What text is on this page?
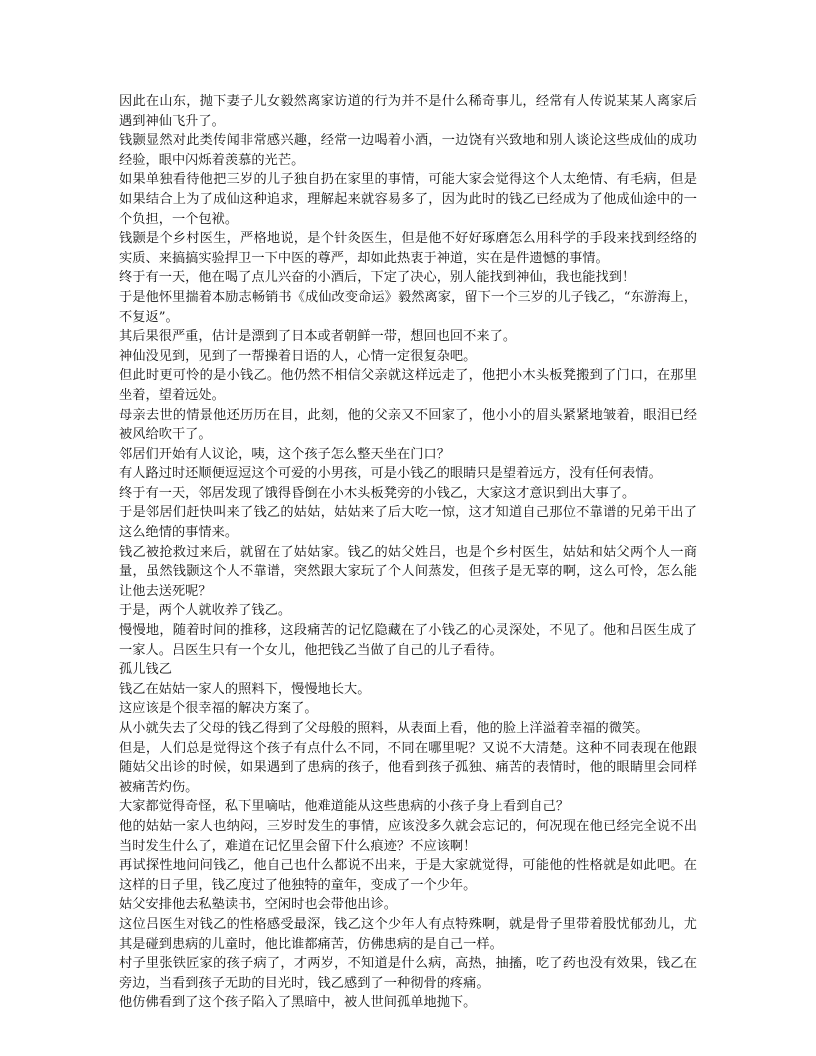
因此在山东，抛下妻子儿女毅然离家访道的行为并不是什么稀奇事儿，经常有人传说某某人离家后遇到神仙飞升了。

钱颢显然对此类传闻非常感兴趣，经常一边喝着小酒，一边饶有兴致地和别人谈论这些成仙的成功经验，眼中闪烁着羡慕的光芒。

如果单独看待他把三岁的儿子独自扔在家里的事情，可能大家会觉得这个人太绝情、有毛病，但是如果结合上为了成仙这种追求，理解起来就容易多了，因为此时的钱乙已经成为了他成仙途中的一个负担，一个包袱。

钱颢是个乡村医生，严格地说，是个针灸医生，但是他不好好琢磨怎么用科学的手段来找到经络的实质、来搞搞实验捍卫一下中医的尊严，却如此热衷于神道，实在是件遗憾的事情。

终于有一天，他在喝了点儿兴奋的小酒后，下定了决心，别人能找到神仙，我也能找到！

于是他怀里揣着本励志畅销书《成仙改变命运》毅然离家，留下一个三岁的儿子钱乙，“东游海上，不复返”。

其后果很严重，估计是漂到了日本或者朝鲜一带，想回也回不来了。

神仙没见到，见到了一帮操着日语的人，心情一定很复杂吧。

但此时更可怜的是小钱乙。他仍然不相信父亲就这样远走了，他把小木头板凳搬到了门口，在那里坐着，望着远处。

母亲去世的情景他还历历在目，此刻，他的父亲又不回家了，他小小的眉头紧紧地皱着，眼泪已经被风给吹干了。

邻居们开始有人议论，咦，这个孩子怎么整天坐在门口？

有人路过时还顺便逗逗这个可爱的小男孩，可是小钱乙的眼睛只是望着远方，没有任何表情。

终于有一天，邻居发现了饿得昏倒在小木头板凳旁的小钱乙，大家这才意识到出大事了。

于是邻居们赶快叫来了钱乙的姑姑，姑姑来了后大吃一惊，这才知道自己那位不靠谱的兄弟干出了这么绝情的事情来。

钱乙被抢救过来后，就留在了姑姑家。钱乙的姑父姓吕，也是个乡村医生，姑姑和姑父两个人一商量，虽然钱颢这个人不靠谱，突然跟大家玩了个人间蒸发，但孩子是无辜的啊，这么可怜，怎么能让他去送死呢？

于是，两个人就收养了钱乙。

慢慢地，随着时间的推移，这段痛苦的记忆隐藏在了小钱乙的心灵深处，不见了。他和吕医生成了一家人。吕医生只有一个女儿，他把钱乙当做了自己的儿子看待。

孤儿钱乙

钱乙在姑姑一家人的照料下，慢慢地长大。

这应该是个很幸福的解决方案了。

从小就失去了父母的钱乙得到了父母般的照料，从表面上看，他的脸上洋溢着幸福的微笑。

但是，人们总是觉得这个孩子有点什么不同，不同在哪里呢？又说不大清楚。这种不同表现在他跟随姑父出诊的时候，如果遇到了患病的孩子，他看到孩子孤独、痛苦的表情时，他的眼睛里会同样被痛苦灼伤。

大家都觉得奇怪，私下里嘀咕，他难道能从这些患病的小孩子身上看到自己？

他的姑姑一家人也纳闷，三岁时发生的事情，应该没多久就会忘记的，何况现在他已经完全说不出当时发生什么了，难道在记忆里会留下什么痕迹？不应该啊！

再试探性地问问钱乙，他自己也什么都说不出来，于是大家就觉得，可能他的性格就是如此吧。在这样的日子里，钱乙度过了他独特的童年，变成了一个少年。

姑父安排他去私塾读书，空闲时也会带他出诊。

这位吕医生对钱乙的性格感受最深，钱乙这个少年人有点特殊啊，就是骨子里带着股忧郁劲儿，尤其是碰到患病的儿童时，他比谁都痛苦，仿佛患病的是自己一样。

村子里张铁匠家的孩子病了，才两岁，不知道是什么病，高热，抽搐，吃了药也没有效果，钱乙在旁边，当看到孩子无助的目光时，钱乙感到了一种彻骨的疼痛。

他仿佛看到了这个孩子陷入了黑暗中，被人世间孤单地抛下。
